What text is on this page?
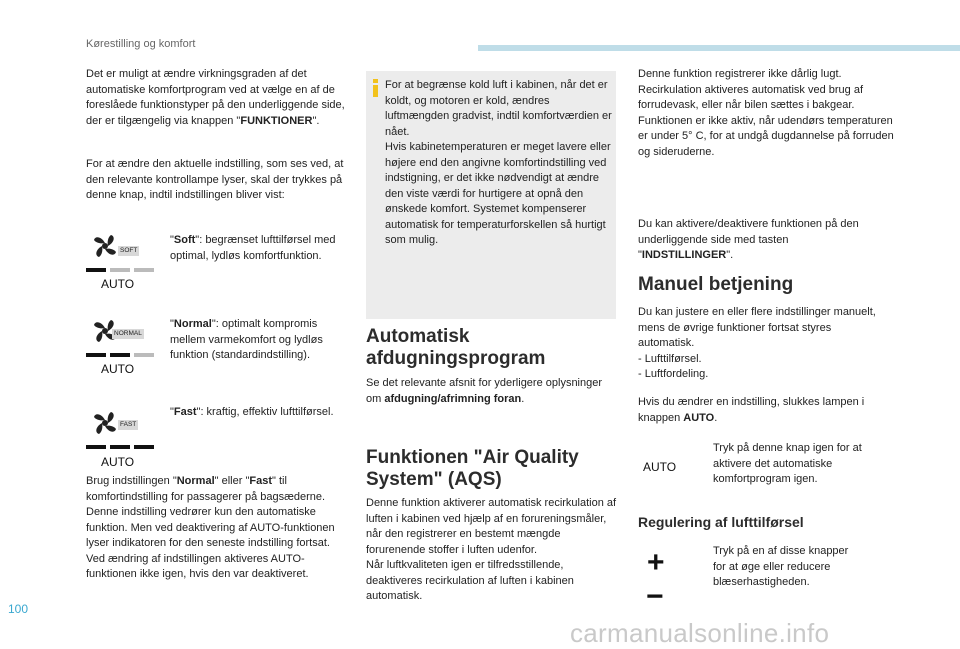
Kørestilling og komfort

Det er muligt at ændre virkningsgraden af det automatiske komfortprogram ved at vælge en af de foreslåede funktionstyper på den underliggende side, der er tilgængelig via knappen "FUNKTIONER".

For at ændre den aktuelle indstilling, som ses ved, at den relevante kontrollampe lyser, skal der trykkes på denne knap, indtil indstillingen bliver vist:

SOFT
AUTO

"Soft": begrænset lufttilførsel med optimal, lydløs komfortfunktion.

NORMAL
AUTO

"Normal": optimalt kompromis mellem varmekomfort og lydløs funktion (standardindstilling).

FAST
AUTO

"Fast": kraftig, effektiv lufttilførsel.

Brug indstillingen "Normal" eller "Fast" til komfortindstilling for passagerer på bagsæderne.
Denne indstilling vedrører kun den automatiske funktion. Men ved deaktivering af AUTO-funktionen lyser indikatoren for den seneste indstilling fortsat.
Ved ændring af indstillingen aktiveres AUTO-funktionen ikke igen, hvis den var deaktiveret.

For at begrænse kold luft i kabinen, når det er koldt, og motoren er kold, ændres luftmængden gradvist, indtil komfortværdien er nået.
Hvis kabinetemperaturen er meget lavere eller højere end den angivne komfortindstilling ved indstigning, er det ikke nødvendigt at ændre den viste værdi for hurtigere at opnå den ønskede komfort. Systemet kompenserer automatisk for temperaturforskellen så hurtigt som mulig.

Automatisk afdugningsprogram

Se det relevante afsnit for yderligere oplysninger om afdugning/afrimning foran.

Funktionen "Air Quality System" (AQS)

Denne funktion aktiverer automatisk recirkulation af luften i kabinen ved hjælp af en forureningsmåler, når den registrerer en bestemt mængde forurenende stoffer i luften udenfor.
Når luftkvaliteten igen er tilfredsstillende, deaktiveres recirkulation af luften i kabinen automatisk.

Denne funktion registrerer ikke dårlig lugt. Recirkulation aktiveres automatisk ved brug af forrudevask, eller når bilen sættes i bakgear. Funktionen er ikke aktiv, når udendørs temperaturen er under 5° C, for at undgå dugdannelse på forruden og sideruderne.

Du kan aktivere/deaktivere funktionen på den underliggende side med tasten "INDSTILLINGER".

Manuel betjening

Du kan justere en eller flere indstillinger manuelt, mens de øvrige funktioner fortsat styres automatisk.
- Lufttilførsel.
- Luftfordeling.

Hvis du ændrer en indstilling, slukkes lampen i knappen AUTO.

AUTO

Tryk på denne knap igen for at aktivere det automatiske komfortprogram igen.

Regulering af lufttilførsel
+
−

Tryk på en af disse knapper for at øge eller reducere blæserhastigheden.

100
carmanualsonline.info
